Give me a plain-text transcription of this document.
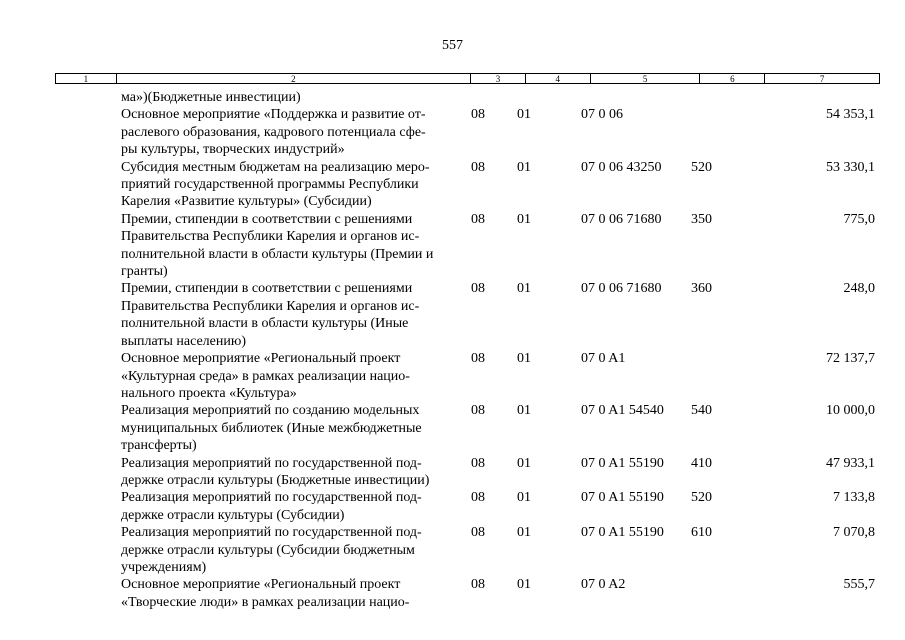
557
1	2	3	4	5	6	7
ма»)(Бюджетные инвестиции)
Основное мероприятие «Поддержка и развитие от-
раслевого образования, кадрового потенциала сфе-
ры культуры, творческих индустрий»
08 01	07 0 06	54 353,1
Субсидия местным бюджетам на реализацию меро-
приятий государственной программы Республики
Карелия «Развитие культуры» (Субсидии)
08 01	07 0 06 43250 520	53 330,1
Премии, стипендии в соответствии с решениями
Правительства Республики Карелия и органов ис-
полнительной власти в области культуры (Премии и
гранты)
08 01	07 0 06 71680 350	775,0
Премии, стипендии в соответствии с решениями
Правительства Республики Карелия и органов ис-
полнительной власти в области культуры (Иные
выплаты населению)
08 01	07 0 06 71680 360	248,0
Основное мероприятие «Региональный проект
«Культурная среда» в рамках реализации нацио-
нального проекта «Культура»
08 01	07 0 A1	72 137,7
Реализация мероприятий по созданию модельных
муниципальных библиотек (Иные межбюджетные
трансферты)
08 01	07 0 A1 54540 540	10 000,0
Реализация мероприятий по государственной под-
держке отрасли культуры (Бюджетные инвестиции)
08 01	07 0 A1 55190 410	47 933,1
Реализация мероприятий по государственной под-
держке отрасли культуры (Субсидии)
08 01	07 0 A1 55190 520	7 133,8
Реализация мероприятий по государственной под-
держке отрасли культуры (Субсидии бюджетным
учреждениям)
08 01	07 0 A1 55190 610	7 070,8
Основное мероприятие «Региональный проект
«Творческие люди» в рамках реализации нацио-
08 01	07 0 A2	555,7
